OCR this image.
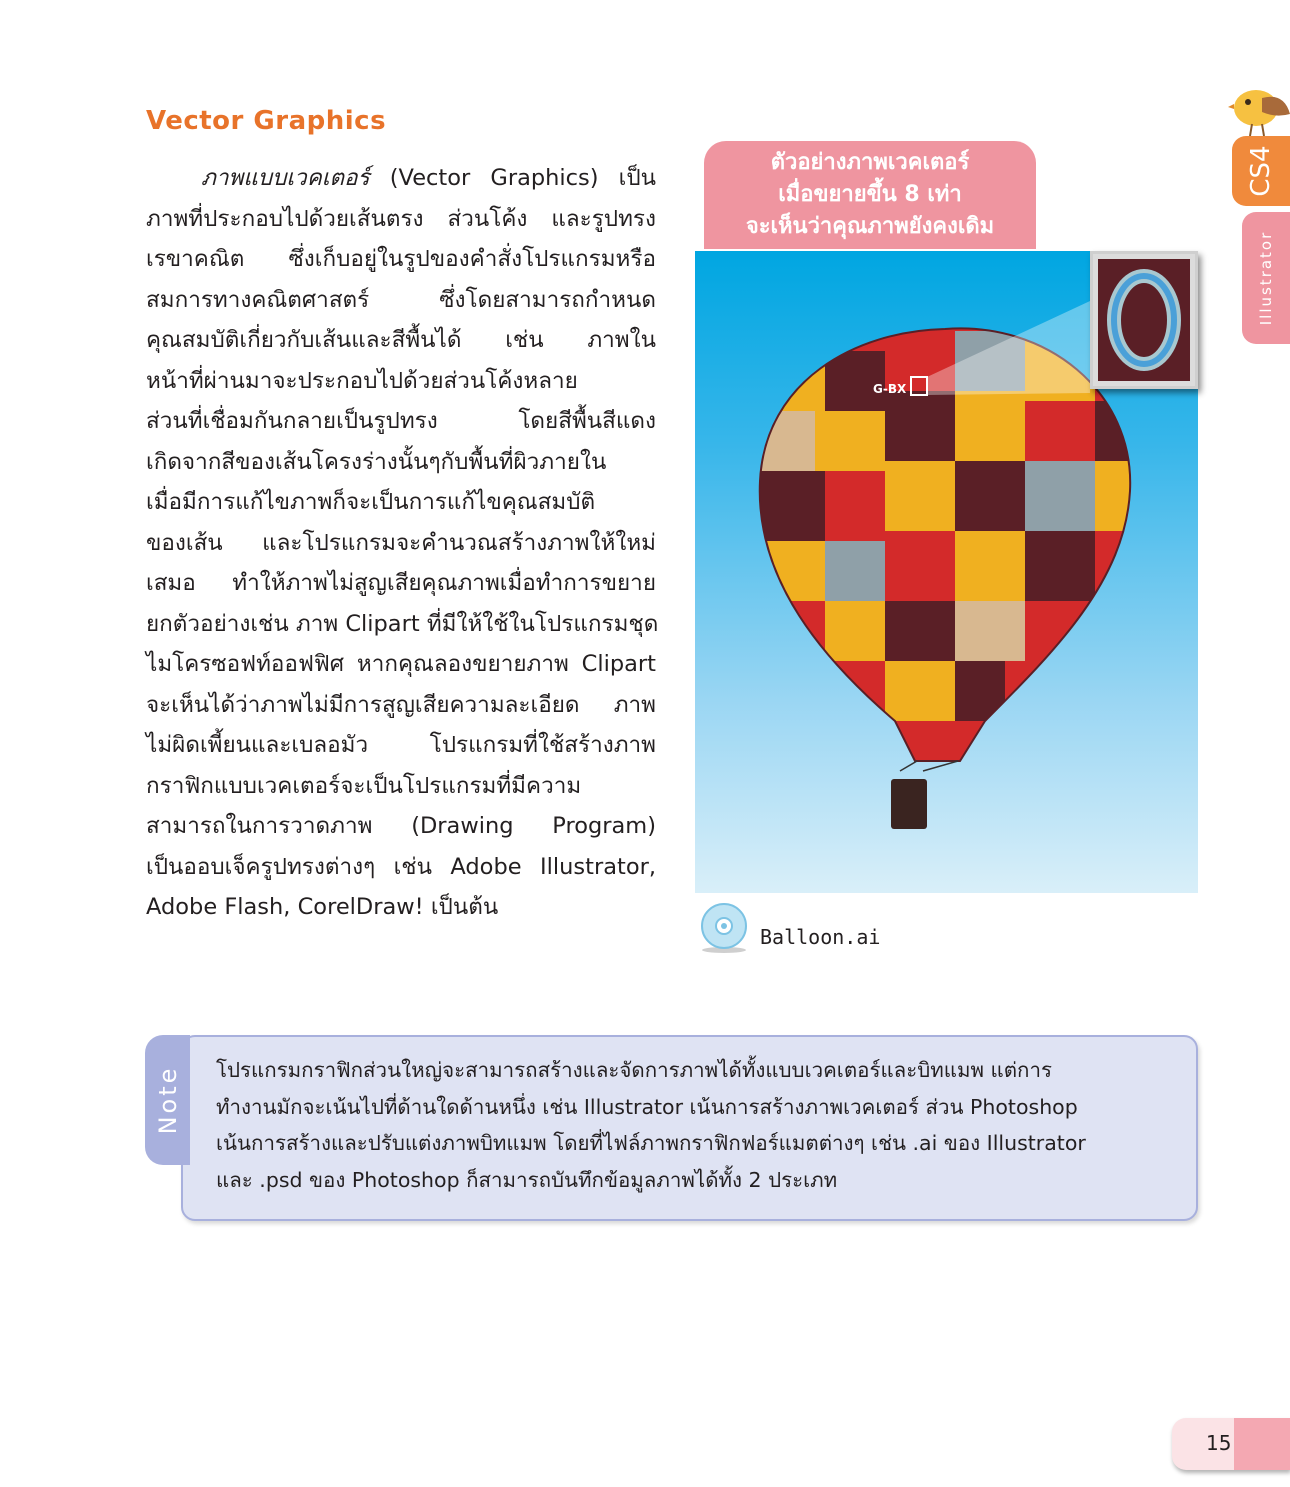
CS4
Illustrator
Vector Graphics
ภาพแบบเวคเตอร์ (Vector Graphics) เป็น
ภาพที่ประกอบไปด้วยเส้นตรง ส่วนโค้ง และรูปทรง
เรขาคณิต ซึ่งเก็บอยู่ในรูปของคำสั่งโปรแกรมหรือ
สมการทางคณิตศาสตร์ ซึ่งโดยสามารถกำหนด
คุณสมบัติเกี่ยวกับเส้นและสีพื้นได้ เช่น ภาพใน
หน้าที่ผ่านมาจะประกอบไปด้วยส่วนโค้งหลาย
ส่วนที่เชื่อมกันกลายเป็นรูปทรง โดยสีพื้นสีแดง
เกิดจากสีของเส้นโครงร่างนั้นๆกับพื้นที่ผิวภายใน
เมื่อมีการแก้ไขภาพก็จะเป็นการแก้ไขคุณสมบัติ
ของเส้น และโปรแกรมจะคำนวณสร้างภาพให้ใหม่
เสมอ ทำให้ภาพไม่สูญเสียคุณภาพเมื่อทำการขยาย
ยกตัวอย่างเช่น ภาพ Clipart ที่มีให้ใช้ในโปรแกรมชุด
ไมโครซอฟท์ออฟฟิศ หากคุณลองขยายภาพ Clipart
จะเห็นได้ว่าภาพไม่มีการสูญเสียความละเอียด ภาพ
ไม่ผิดเพี้ยนและเบลอมัว โปรแกรมที่ใช้สร้างภาพ
กราฟิกแบบเวคเตอร์จะเป็นโปรแกรมที่มีความ
สามารถในการวาดภาพ (Drawing Program)
เป็นออบเจ็ครูปทรงต่างๆ เช่น Adobe Illustrator,
Adobe Flash, CorelDraw! เป็นต้น
ตัวอย่างภาพเวคเตอร์
เมื่อขยายขึ้น 8 เท่า
จะเห็นว่าคุณภาพยังคงเดิม
G-BX
O
Balloon.ai
Note โปรแกรมกราฟิกส่วนใหญ่จะสามารถสร้างและจัดการภาพได้ทั้งแบบเวคเตอร์และบิทแมพ แต่การ
ทำงานมักจะเน้นไปที่ด้านใดด้านหนึ่ง เช่น Illustrator เน้นการสร้างภาพเวคเตอร์ ส่วน Photoshop
เน้นการสร้างและปรับแต่งภาพบิทแมพ โดยที่ไฟล์ภาพกราฟิกฟอร์แมตต่างๆ เช่น .ai ของ Illustrator
และ .psd ของ Photoshop ก็สามารถบันทึกข้อมูลภาพได้ทั้ง 2 ประเภท
15
